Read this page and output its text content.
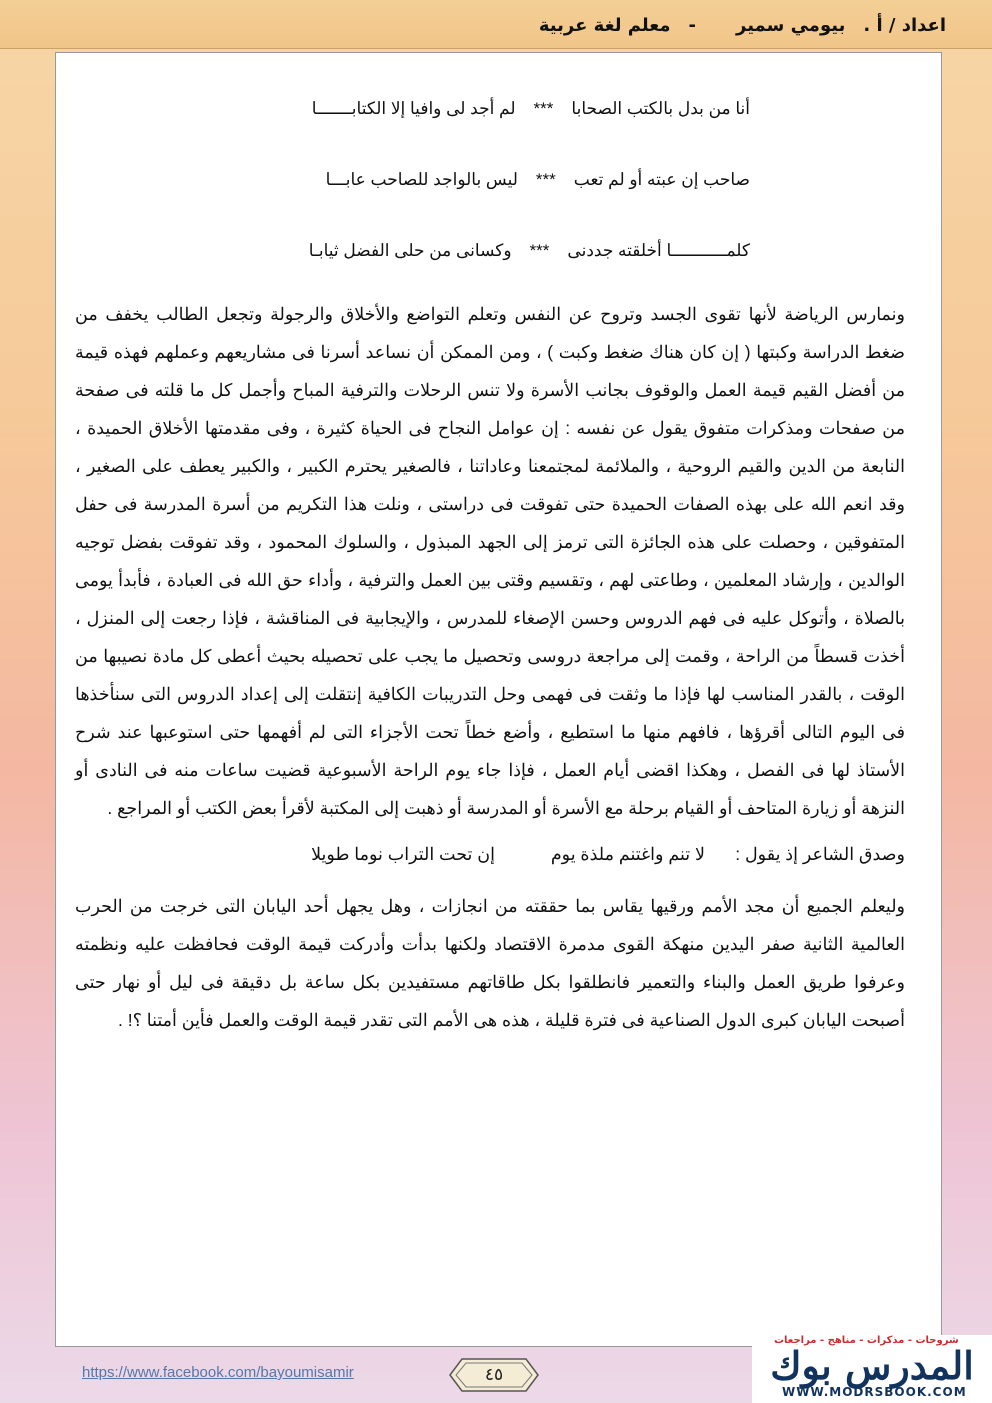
اعداد / أ .بيومي سمير-معلم لغة عربية
أنا من بدل بالكتب الصحابا
***
لم أجد لى وافيا إلا الكتابـــــــا
صاحب إن عبته أو لم تعب
***
ليس بالواجد للصاحب عابـــا
كلمـــــــــــا أخلقته جددنى
***
وكسانى من حلى الفضل ثيابـا

ونمارس الرياضة لأنها تقوى الجسد وتروح عن النفس وتعلم التواضع والأخلاق والرجولة وتجعل الطالب يخفف من ضغط الدراسة وكبتها ( إن كان هناك ضغط وكبت ) ، ومن الممكن أن نساعد أسرنا فى مشاريعهم وعملهم فهذه قيمة من أفضل القيم قيمة العمل والوقوف بجانب الأسرة ولا تنس الرحلات والترفية المباح وأجمل كل ما قلته فى صفحة من صفحات ومذكرات متفوق يقول عن نفسه : إن عوامل النجاح فى الحياة كثيرة ، وفى مقدمتها الأخلاق الحميدة ، النابعة من الدين والقيم الروحية ، والملائمة لمجتمعنا وعاداتنا ، فالصغير يحترم الكبير ، والكبير يعطف على الصغير ، وقد انعم الله على بهذه الصفات الحميدة حتى تفوقت فى دراستى ، ونلت هذا التكريم من أسرة المدرسة فى حفل المتفوقين ، وحصلت على هذه الجائزة التى ترمز إلى الجهد المبذول ، والسلوك المحمود ، وقد تفوقت بفضل توجيه الوالدين ، وإرشاد المعلمين ، وطاعتى لهم ، وتقسيم وقتى بين العمل والترفية ، وأداء حق الله فى العبادة ، فأبدأ يومى بالصلاة ، وأتوكل عليه فى فهم الدروس وحسن الإصغاء للمدرس ، والإيجابية فى المناقشة ، فإذا رجعت إلى المنزل ، أخذت قسطاً من الراحة ، وقمت إلى مراجعة دروسى وتحصيل ما يجب على تحصيله بحيث أعطى كل مادة نصيبها من الوقت ، بالقدر المناسب لها فإذا ما وثقت فى فهمى وحل التدريبات الكافية إنتقلت إلى إعداد الدروس التى سنأخذها فى اليوم التالى أقرؤها ، فافهم منها ما استطيع ، وأضع خطاً تحت الأجزاء التى لم أفهمها حتى استوعبها عند شرح الأستاذ لها فى الفصل ، وهكذا اقضى أيام العمل ، فإذا جاء يوم الراحة الأسبوعية قضيت ساعات منه فى النادى أو النزهة أو زيارة المتاحف أو القيام برحلة مع الأسرة أو المدرسة أو ذهبت إلى المكتبة لأقرأ بعض الكتب أو المراجع .

وصدق الشاعر إذ يقول :
لا تنم واغتنم ملذة يوم
إن تحت التراب نوما طويلا

وليعلم الجميع أن مجد الأمم ورقيها يقاس بما حققته من انجازات ، وهل يجهل أحد اليابان التى خرجت من الحرب العالمية الثانية صفر اليدين منهكة القوى مدمرة الاقتصاد ولكنها بدأت وأدركت قيمة الوقت فحافظت عليه ونظمته وعرفوا طريق العمل والبناء والتعمير فانطلقوا بكل طاقاتهم مستفيدين بكل ساعة بل دقيقة فى ليل أو نهار حتى أصبحت اليابان كبرى الدول الصناعية فى فترة قليلة ، هذه هى الأمم التى تقدر قيمة الوقت والعمل فأين أمتنا ؟! .

https://www.facebook.com/bayoumisamir	٤٥
شروحات - مذكرات - مناهج - مراجعات
المدرس بوك
WWW.MODRSBOOK.COM
